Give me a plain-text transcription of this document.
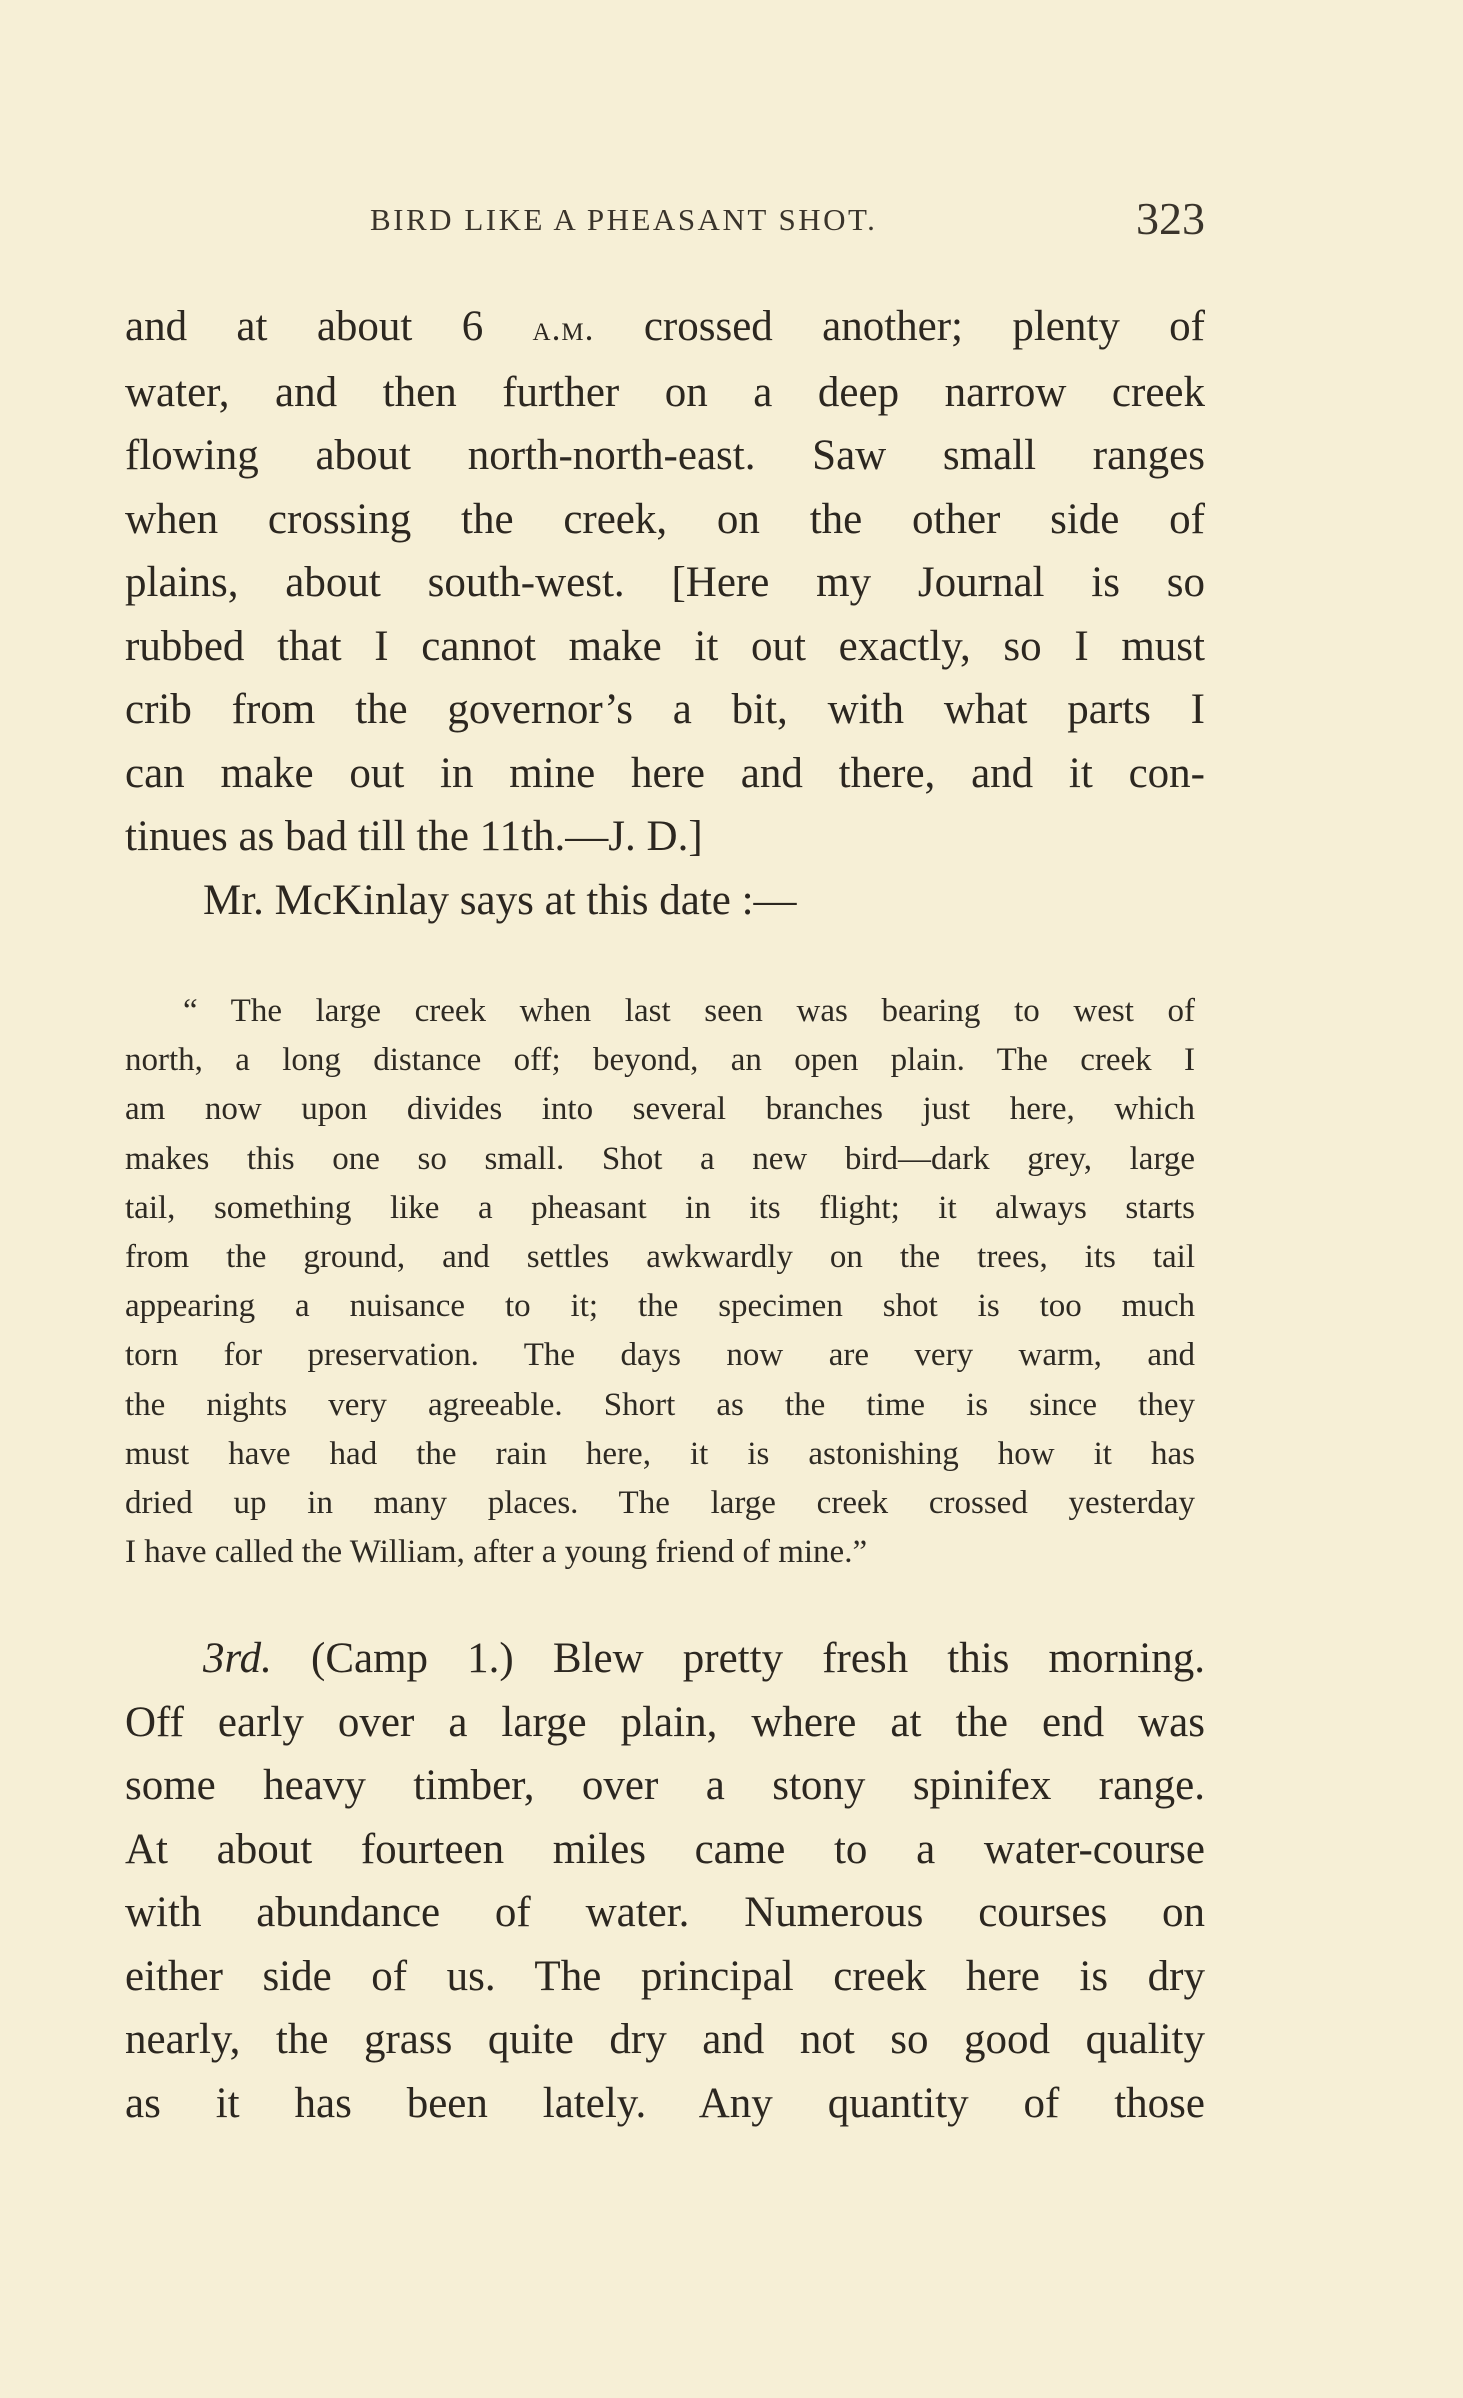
BIRD LIKE A PHEASANT SHOT.	323
and at about 6 a.m. crossed another; plenty of
water, and then further on a deep narrow creek
flowing about north-north-east. Saw small ranges
when crossing the creek, on the other side of
plains, about south-west. [Here my Journal is so
rubbed that I cannot make it out exactly, so I must
crib from the governor’s a bit, with what parts I
can make out in mine here and there, and it con-
tinues as bad till the 11th.—J. D.]
Mr. McKinlay says at this date :—
“ The large creek when last seen was bearing to west of
north, a long distance off; beyond, an open plain. The creek I
am now upon divides into several branches just here, which
makes this one so small. Shot a new bird—dark grey, large
tail, something like a pheasant in its flight; it always starts
from the ground, and settles awkwardly on the trees, its tail
appearing a nuisance to it; the specimen shot is too much
torn for preservation. The days now are very warm, and
the nights very agreeable. Short as the time is since they
must have had the rain here, it is astonishing how it has
dried up in many places. The large creek crossed yesterday
I have called the William, after a young friend of mine.”
3rd. (Camp 1.) Blew pretty fresh this morning.
Off early over a large plain, where at the end was
some heavy timber, over a stony spinifex range.
At about fourteen miles came to a water-course
with abundance of water. Numerous courses on
either side of us. The principal creek here is dry
nearly, the grass quite dry and not so good quality
as it has been lately. Any quantity of those
